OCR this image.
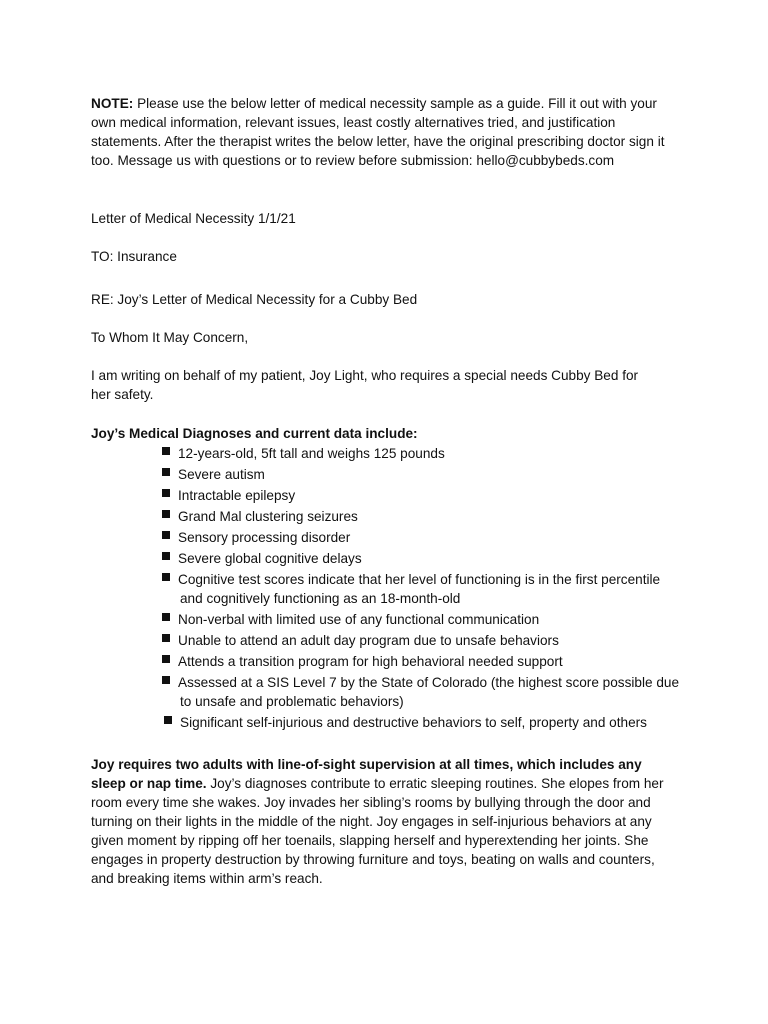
NOTE: Please use the below letter of medical necessity sample as a guide. Fill it out with your own medical information, relevant issues, least costly alternatives tried, and justification statements. After the therapist writes the below letter, have the original prescribing doctor sign it too. Message us with questions or to review before submission: hello@cubbybeds.com

Letter of Medical Necessity 1/1/21

TO: Insurance

RE: Joy’s Letter of Medical Necessity for a Cubby Bed

To Whom It May Concern,

I am writing on behalf of my patient, Joy Light, who requires a special needs Cubby Bed for her safety.

Joy’s Medical Diagnoses and current data include:

12-years-old, 5ft tall and weighs 125 pounds
Severe autism
Intractable epilepsy
Grand Mal clustering seizures
Sensory processing disorder
Severe global cognitive delays
Cognitive test scores indicate that her level of functioning is in the first percentile
and cognitively functioning as an 18-month-old
Non-verbal with limited use of any functional communication
Unable to attend an adult day program due to unsafe behaviors
Attends a transition program for high behavioral needed support
Assessed at a SIS Level 7 by the State of Colorado (the highest score possible due
to unsafe and problematic behaviors)
Significant self-injurious and destructive behaviors to self, property and others

Joy requires two adults with line-of-sight supervision at all times, which includes any sleep or nap time. Joy’s diagnoses contribute to erratic sleeping routines. She elopes from her room every time she wakes. Joy invades her sibling’s rooms by bullying through the door and turning on their lights in the middle of the night. Joy engages in self-injurious behaviors at any given moment by ripping off her toenails, slapping herself and hyperextending her joints. She engages in property destruction by throwing furniture and toys, beating on walls and counters, and breaking items within arm’s reach.
